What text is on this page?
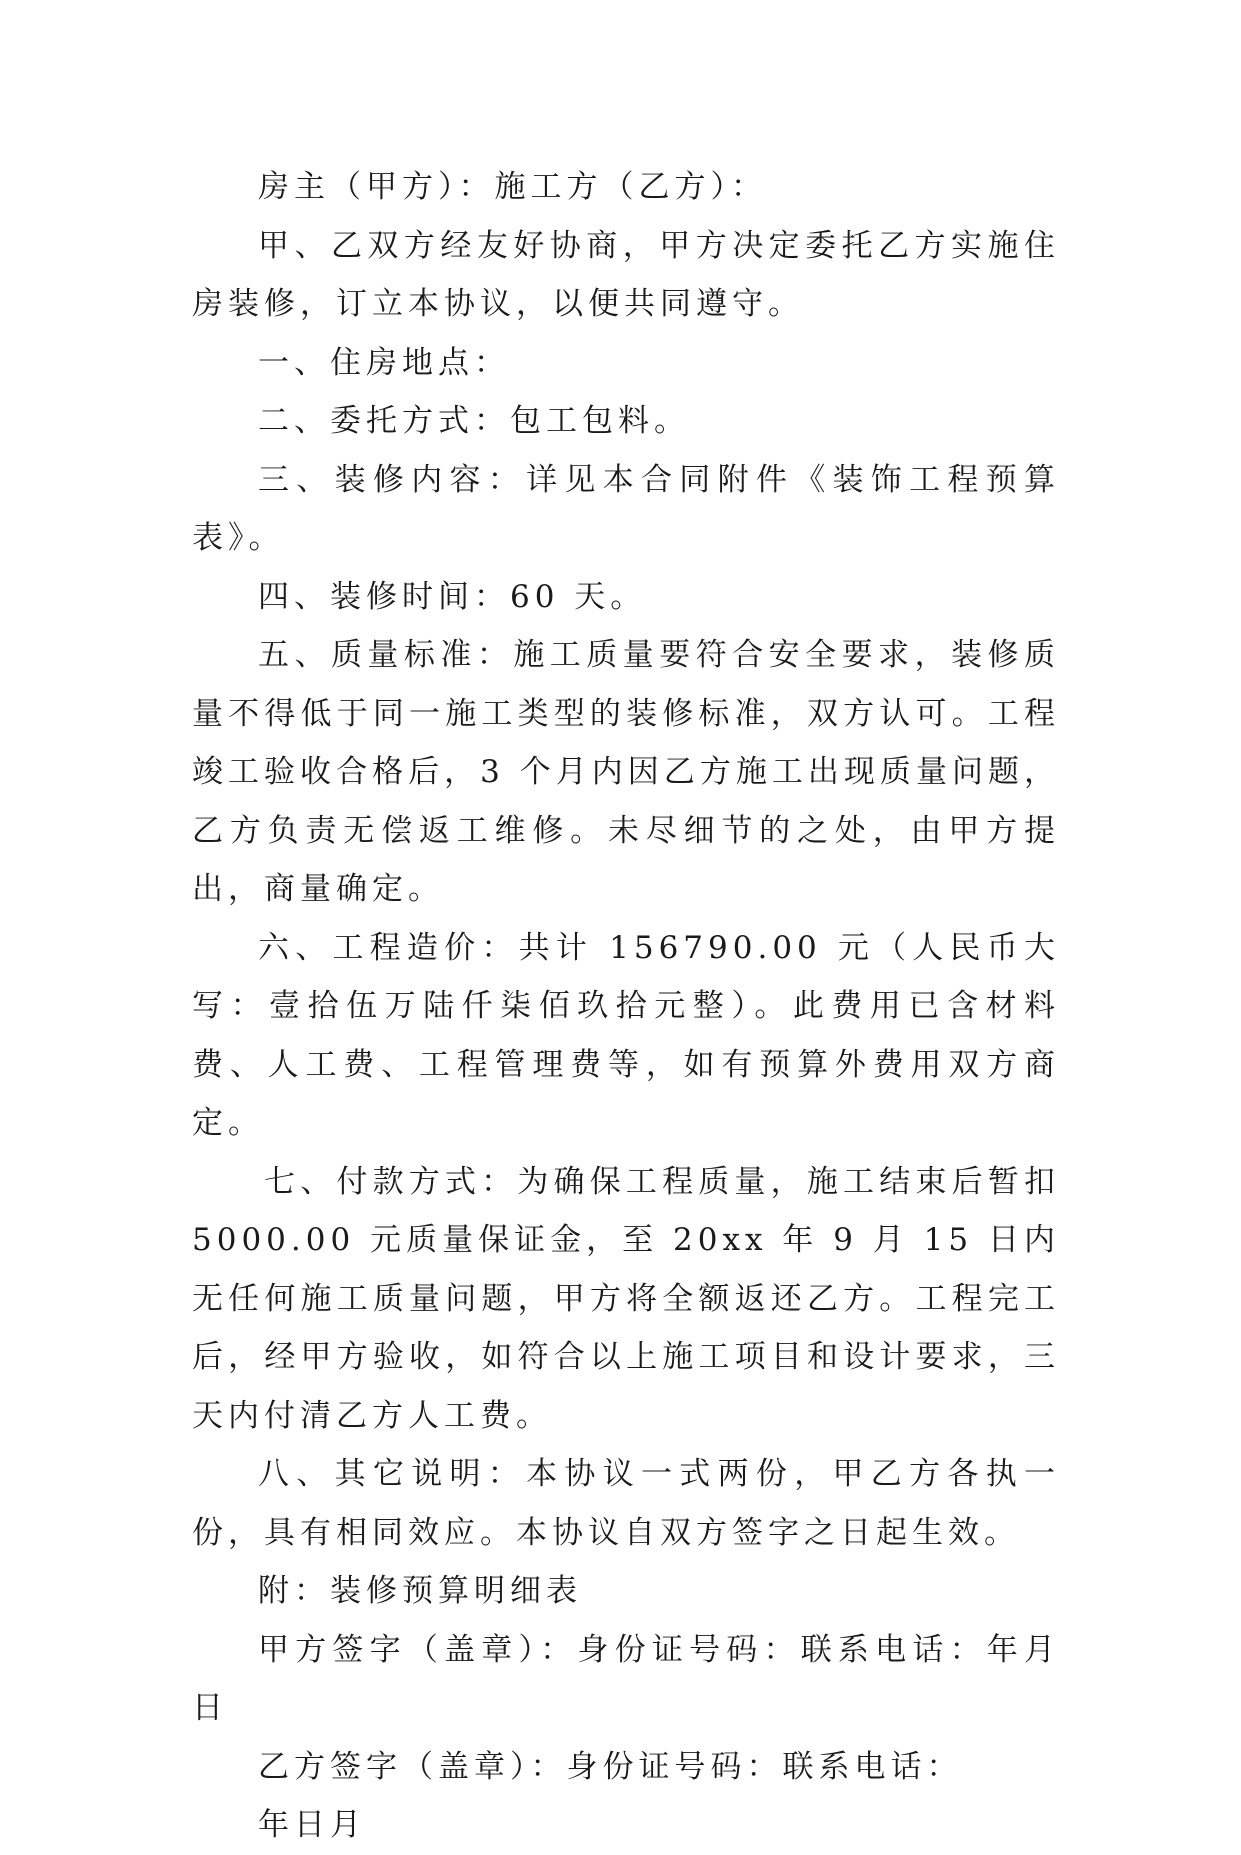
房主（甲方）：施工方（乙方）：

甲、乙双方经友好协商，甲方决定委托乙方实施住房装修，订立本协议，以便共同遵守。

一、住房地点：

二、委托方式：包工包料。

三、装修内容：详见本合同附件《装饰工程预算表》。

四、装修时间：60 天。

五、质量标准：施工质量要符合安全要求，装修质量不得低于同一施工类型的装修标准，双方认可。工程竣工验收合格后，3 个月内因乙方施工出现质量问题，乙方负责无偿返工维修。未尽细节的之处，由甲方提出，商量确定。

六、工程造价：共计 156790.00 元（人民币大写：壹拾伍万陆仟柒佰玖拾元整）。此费用已含材料费、人工费、工程管理费等，如有预算外费用双方商定。

七、付款方式：为确保工程质量，施工结束后暂扣 5000.00 元质量保证金，至 20xx 年 9 月 15 日内无任何施工质量问题，甲方将全额返还乙方。工程完工后，经甲方验收，如符合以上施工项目和设计要求，三天内付清乙方人工费。

八、其它说明：本协议一式两份，甲乙方各执一份，具有相同效应。本协议自双方签字之日起生效。

附：装修预算明细表

甲方签字（盖章）：身份证号码：联系电话：年月日

乙方签字（盖章）：身份证号码：联系电话：

年日月
